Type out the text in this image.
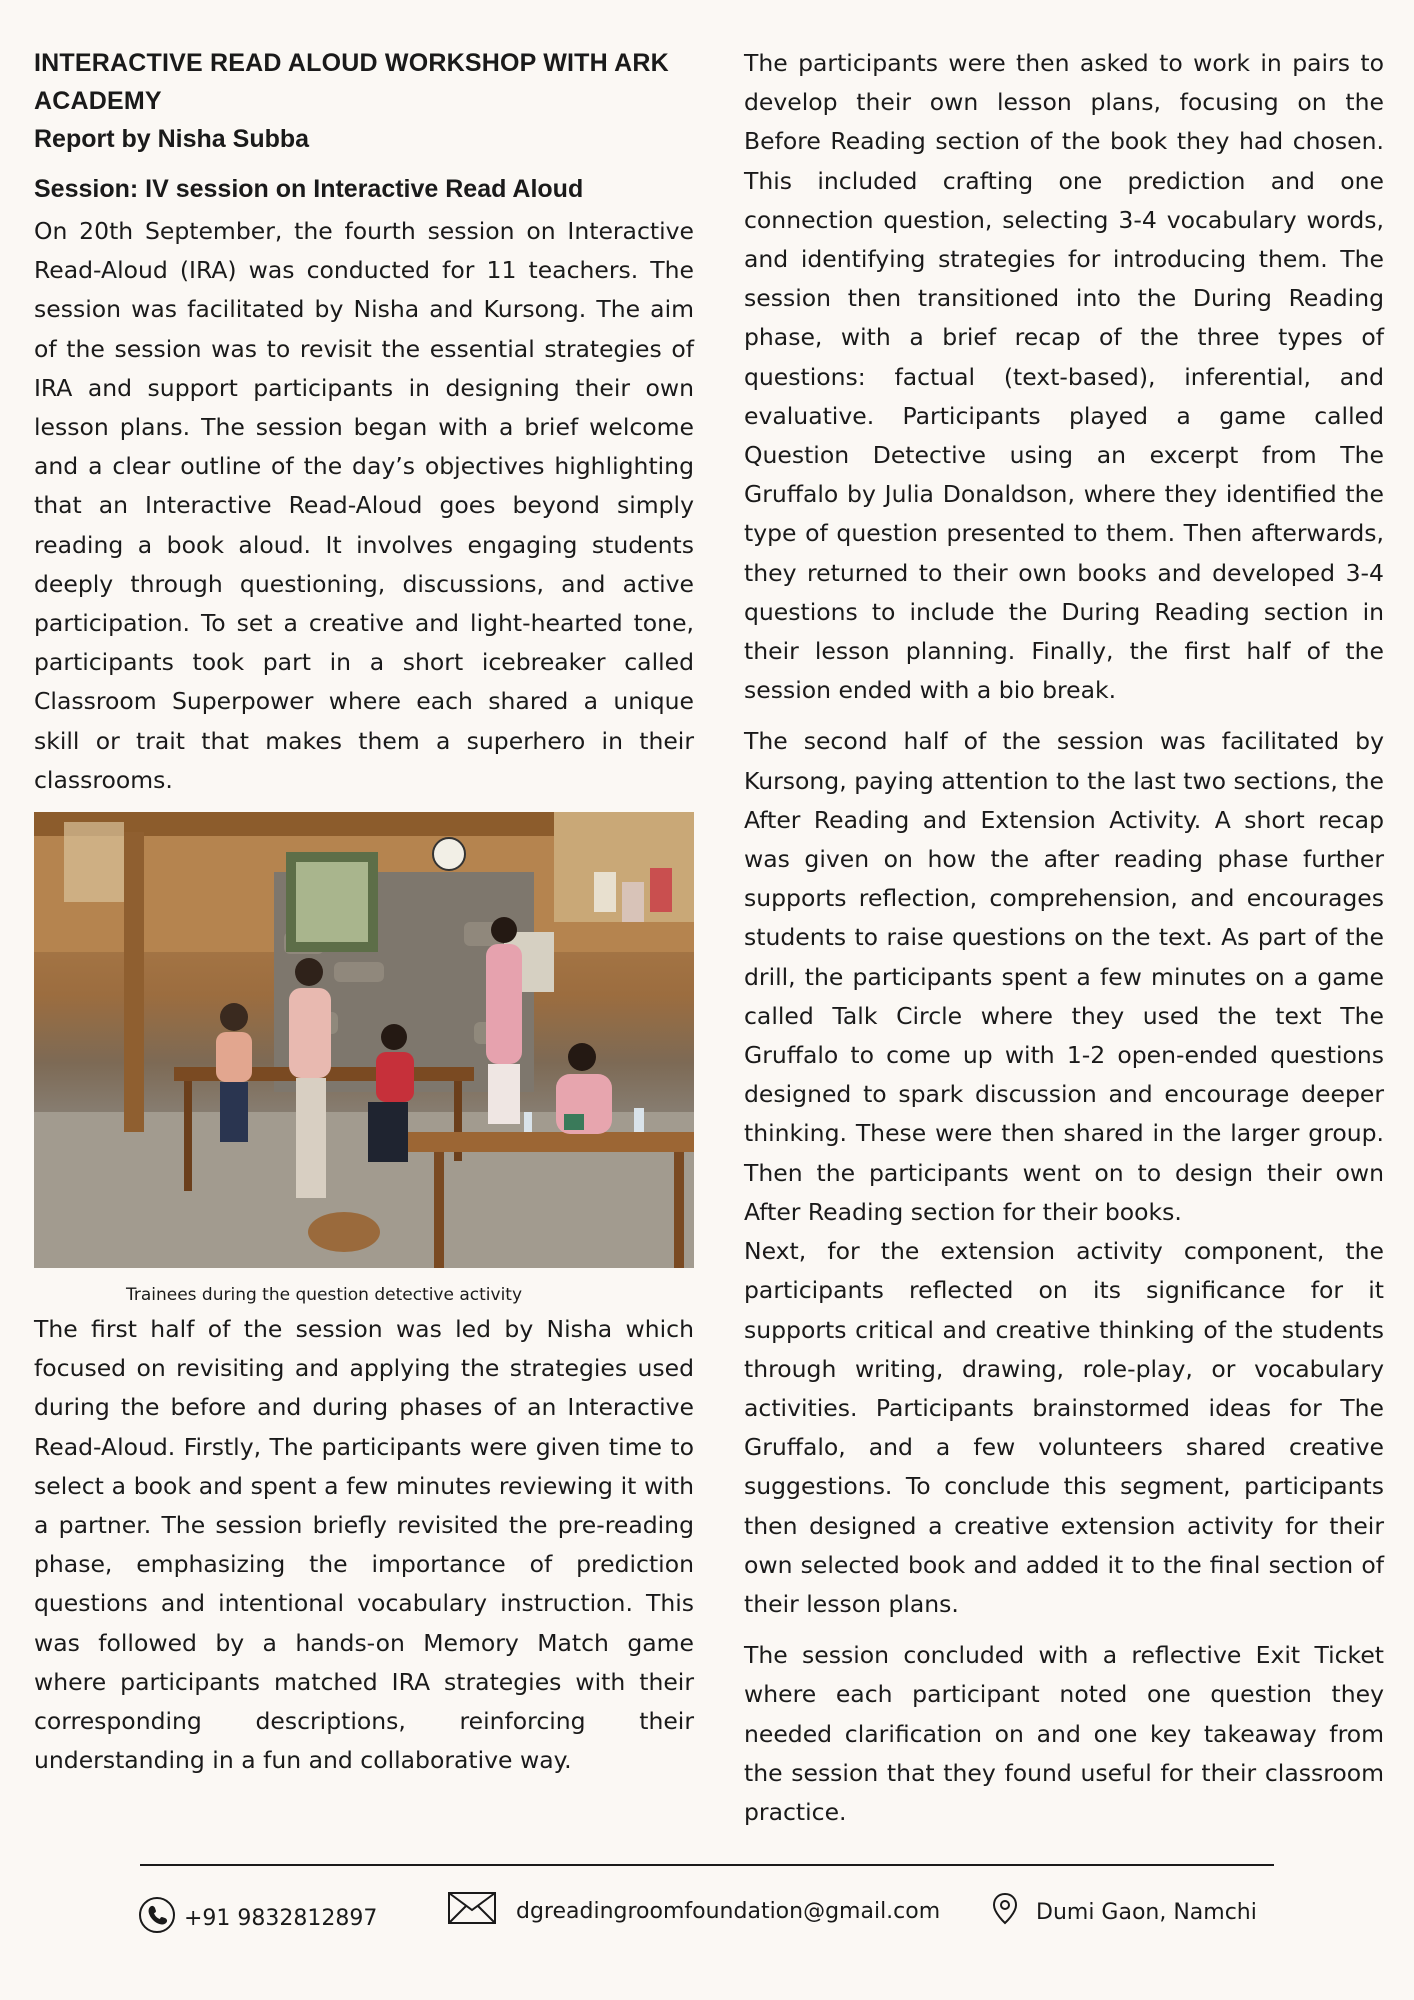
INTERACTIVE READ ALOUD WORKSHOP WITH ARK ACADEMY
Report by Nisha Subba
Session: IV session on Interactive Read Aloud

On 20th September, the fourth session on Interactive Read-Aloud (IRA) was conducted for 11 teachers. The session was facilitated by Nisha and Kursong. The aim of the session was to revisit the essential strategies of IRA and support participants in designing their own lesson plans. The session began with a brief welcome and a clear outline of the day’s objectives highlighting that an Interactive Read-Aloud goes beyond simply reading a book aloud. It involves engaging students deeply through questioning, discussions, and active participation. To set a creative and light-hearted tone, participants took part in a short icebreaker called Classroom Superpower where each shared a unique skill or trait that makes them a superhero in their classrooms.

Trainees during the question detective activity

The first half of the session was led by Nisha which focused on revisiting and applying the strategies used during the before and during phases of an Interactive Read-Aloud. Firstly, The participants were given time to select a book and spent a few minutes reviewing it with a partner. The session briefly revisited the pre-reading phase, emphasizing the importance of prediction questions and intentional vocabulary instruction. This was followed by a hands-on Memory Match game where participants matched IRA strategies with their corresponding descriptions, reinforcing their understanding in a fun and collaborative way.

The participants were then asked to work in pairs to develop their own lesson plans, focusing on the Before Reading section of the book they had chosen. This included crafting one prediction and one connection question, selecting 3-4 vocabulary words, and identifying strategies for introducing them. The session then transitioned into the During Reading phase, with a brief recap of the three types of questions: factual (text-based), inferential, and evaluative. Participants played a game called Question Detective using an excerpt from The Gruffalo by Julia Donaldson, where they identified the type of question presented to them. Then afterwards, they returned to their own books and developed 3-4 questions to include the During Reading section in their lesson planning. Finally, the first half of the session ended with a bio break.

The second half of the session was facilitated by Kursong, paying attention to the last two sections, the After Reading and Extension Activity. A short recap was given on how the after reading phase further supports reflection, comprehension, and encourages students to raise questions on the text. As part of the drill, the participants spent a few minutes on a game called Talk Circle where they used the text The Gruffalo to come up with 1-2 open-ended questions designed to spark discussion and encourage deeper thinking. These were then shared in the larger group. Then the participants went on to design their own After Reading section for their books.

Next, for the extension activity component, the participants reflected on its significance for it supports critical and creative thinking of the students through writing, drawing, role-play, or vocabulary activities. Participants brainstormed ideas for The Gruffalo, and a few volunteers shared creative suggestions. To conclude this segment, participants then designed a creative extension activity for their own selected book and added it to the final section of their lesson plans.

The session concluded with a reflective Exit Ticket where each participant noted one question they needed clarification on and one key takeaway from the session that they found useful for their classroom practice.

+91 9832812897	dgreadingroomfoundation@gmail.com	Dumi Gaon, Namchi
